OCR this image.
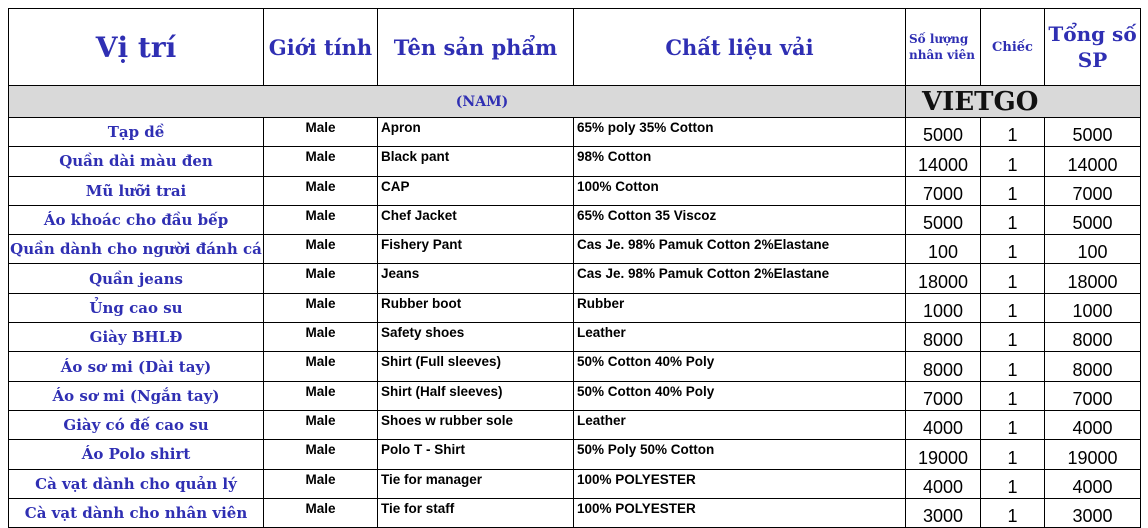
Vị trí	Giới tính	Tên sản phẩm	Chất liệu vải	Số lượng nhân viên	Chiếc	Tổng số SP
(NAM)				VIETGO		
Tạp dề	Male	Apron	65% poly 35% Cotton	5000	1	5000
Quần dài màu đen	Male	Black pant	98% Cotton	14000	1	14000
Mũ lưỡi trai	Male	CAP	100% Cotton	7000	1	7000
Áo khoác cho đầu bếp	Male	Chef Jacket	65% Cotton 35 Viscoz	5000	1	5000
Quần dành cho người đánh cá	Male	Fishery Pant	Cas Je. 98% Pamuk Cotton 2%Elastane	100	1	100
Quần jeans	Male	Jeans	Cas Je. 98% Pamuk Cotton 2%Elastane	18000	1	18000
Ủng cao su	Male	Rubber boot	Rubber	1000	1	1000
Giày BHLĐ	Male	Safety shoes	Leather	8000	1	8000
Áo sơ mi (Dài tay)	Male	Shirt (Full sleeves)	50% Cotton 40% Poly	8000	1	8000
Áo sơ mi (Ngắn tay)	Male	Shirt (Half sleeves)	50% Cotton 40% Poly	7000	1	7000
Giày có đế cao su	Male	Shoes w rubber sole	Leather	4000	1	4000
Áo Polo shirt	Male	Polo T - Shirt	50% Poly 50% Cotton	19000	1	19000
Cà vạt dành cho quản lý	Male	Tie for manager	100% POLYESTER	4000	1	4000
Cà vạt dành cho nhân viên	Male	Tie for staff	100% POLYESTER	3000	1	3000
